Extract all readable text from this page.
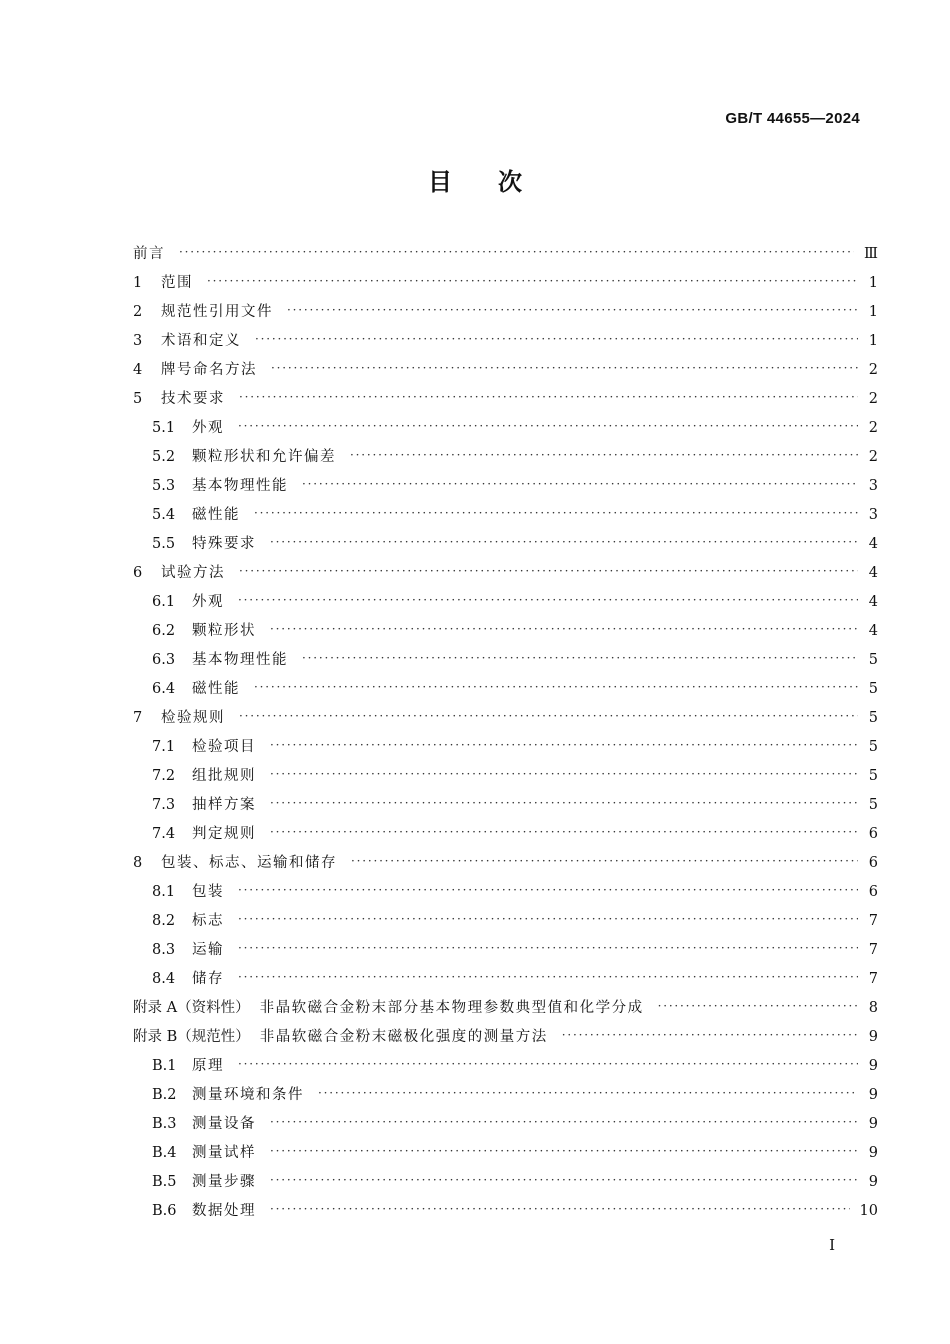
GB/T 44655—2024
目次
前言 ·····	Ⅲ
1	范围 ·····	1
2	规范性引用文件 ·····	1
3	术语和定义 ·····	1
4	牌号命名方法 ·····	2
5	技术要求 ·····	2
5.1	外观 ·····	2
5.2	颗粒形状和允许偏差 ·····	2
5.3	基本物理性能 ·····	3
5.4	磁性能 ·····	3
5.5	特殊要求 ·····	4
6	试验方法 ·····	4
6.1	外观 ·····	4
6.2	颗粒形状 ·····	4
6.3	基本物理性能 ·····	5
6.4	磁性能 ·····	5
7	检验规则 ·····	5
7.1	检验项目 ·····	5
7.2	组批规则 ·····	5
7.3	抽样方案 ·····	5
7.4	判定规则 ·····	6
8	包装、标志、运输和储存 ·····	6
8.1	包装 ·····	6
8.2	标志 ·····	7
8.3	运输 ·····	7
8.4	储存 ·····	7
附录 A（资料性） 非晶软磁合金粉末部分基本物理参数典型值和化学分成 ·····	8
附录 B（规范性） 非晶软磁合金粉末磁极化强度的测量方法 ·····	9
B.1	原理 ·····	9
B.2	测量环境和条件 ·····	9
B.3	测量设备 ·····	9
B.4	测量试样 ·····	9
B.5	测量步骤 ·····	9
B.6	数据处理 ·····	10
Ⅰ
